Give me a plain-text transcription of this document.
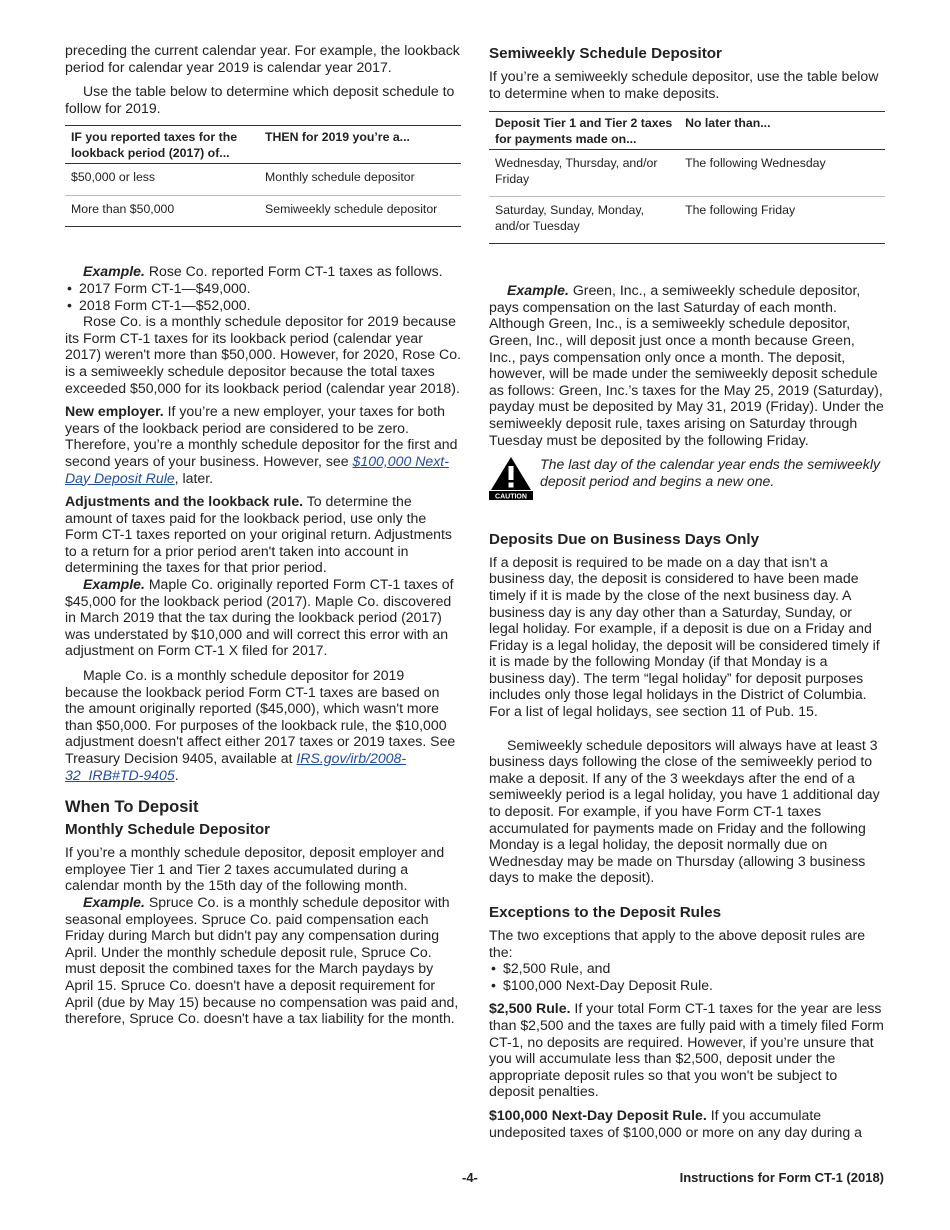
preceding the current calendar year. For example, the lookback period for calendar year 2019 is calendar year 2017.

Use the table below to determine which deposit schedule to follow for 2019.

IF you reported taxes for the lookback period (2017) of...	THEN for 2019 you’re a...
$50,000 or less	Monthly schedule depositor
More than $50,000	Semiweekly schedule depositor

Example. Rose Co. reported Form CT-1 taxes as follows.

• 2017 Form CT-1—$49,000.
• 2018 Form CT-1—$52,000.

Rose Co. is a monthly schedule depositor for 2019 because its Form CT-1 taxes for its lookback period (calendar year 2017) weren't more than $50,000. However, for 2020, Rose Co. is a semiweekly schedule depositor because the total taxes exceeded $50,000 for its lookback period (calendar year 2018).

New employer. If you’re a new employer, your taxes for both years of the lookback period are considered to be zero. Therefore, you’re a monthly schedule depositor for the first and second years of your business. However, see $100,000 Next-Day Deposit Rule, later.

Adjustments and the lookback rule. To determine the amount of taxes paid for the lookback period, use only the Form CT-1 taxes reported on your original return. Adjustments to a return for a prior period aren't taken into account in determining the taxes for that prior period.

Example. Maple Co. originally reported Form CT-1 taxes of $45,000 for the lookback period (2017). Maple Co. discovered in March 2019 that the tax during the lookback period (2017) was understated by $10,000 and will correct this error with an adjustment on Form CT-1 X filed for 2017.

Maple Co. is a monthly schedule depositor for 2019 because the lookback period Form CT-1 taxes are based on the amount originally reported ($45,000), which wasn't more than $50,000. For purposes of the lookback rule, the $10,000 adjustment doesn't affect either 2017 taxes or 2019 taxes. See Treasury Decision 9405, available at IRS.gov/irb/2008-32_IRB#TD-9405.

When To Deposit
Monthly Schedule Depositor

If you’re a monthly schedule depositor, deposit employer and employee Tier 1 and Tier 2 taxes accumulated during a calendar month by the 15th day of the following month.

Example. Spruce Co. is a monthly schedule depositor with seasonal employees. Spruce Co. paid compensation each Friday during March but didn't pay any compensation during April. Under the monthly schedule deposit rule, Spruce Co. must deposit the combined taxes for the March paydays by April 15. Spruce Co. doesn't have a deposit requirement for April (due by May 15) because no compensation was paid and, therefore, Spruce Co. doesn't have a tax liability for the month.

Semiweekly Schedule Depositor

If you’re a semiweekly schedule depositor, use the table below to determine when to make deposits.

Deposit Tier 1 and Tier 2 taxes for payments made on...	No later than...
Wednesday, Thursday, and/or Friday	The following Wednesday
Saturday, Sunday, Monday, and/or Tuesday	The following Friday

Example. Green, Inc., a semiweekly schedule depositor, pays compensation on the last Saturday of each month. Although Green, Inc., is a semiweekly schedule depositor, Green, Inc., will deposit just once a month because Green, Inc., pays compensation only once a month. The deposit, however, will be made under the semiweekly deposit schedule as follows: Green, Inc.’s taxes for the May 25, 2019 (Saturday), payday must be deposited by May 31, 2019 (Friday). Under the semiweekly deposit rule, taxes arising on Saturday through Tuesday must be deposited by the following Friday.

CAUTION
The last day of the calendar year ends the semiweekly deposit period and begins a new one.
Deposits Due on Business Days Only

If a deposit is required to be made on a day that isn't a business day, the deposit is considered to have been made timely if it is made by the close of the next business day. A business day is any day other than a Saturday, Sunday, or legal holiday. For example, if a deposit is due on a Friday and Friday is a legal holiday, the deposit will be considered timely if it is made by the following Monday (if that Monday is a business day). The term “legal holiday” for deposit purposes includes only those legal holidays in the District of Columbia. For a list of legal holidays, see section 11 of Pub. 15.

Semiweekly schedule depositors will always have at least 3 business days following the close of the semiweekly period to make a deposit. If any of the 3 weekdays after the end of a semiweekly period is a legal holiday, you have 1 additional day to deposit. For example, if you have Form CT-1 taxes accumulated for payments made on Friday and the following Monday is a legal holiday, the deposit normally due on Wednesday may be made on Thursday (allowing 3 business days to make the deposit).

Exceptions to the Deposit Rules

The two exceptions that apply to the above deposit rules are the:

• $2,500 Rule, and
• $100,000 Next-Day Deposit Rule.

$2,500 Rule. If your total Form CT-1 taxes for the year are less than $2,500 and the taxes are fully paid with a timely filed Form CT-1, no deposits are required. However, if you’re unsure that you will accumulate less than $2,500, deposit under the appropriate deposit rules so that you won't be subject to deposit penalties.

$100,000 Next-Day Deposit Rule. If you accumulate undeposited taxes of $100,000 or more on any day during a

-4-	Instructions for Form CT-1 (2018)
